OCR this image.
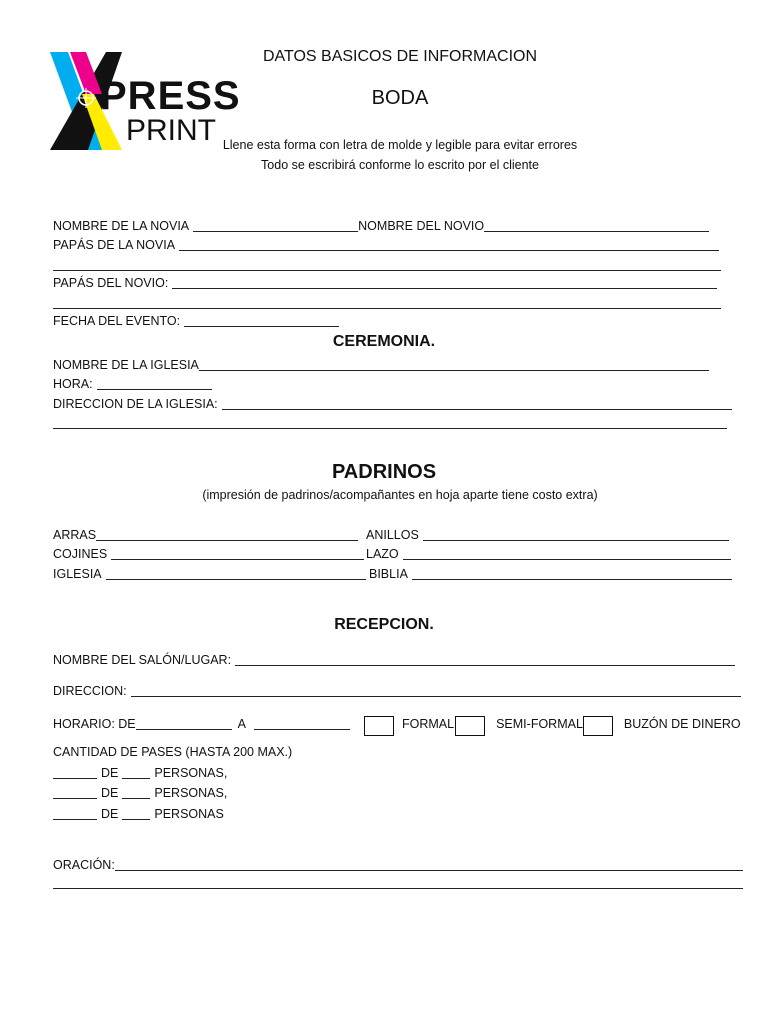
PRESS
PRINT
DATOS BASICOS DE INFORMACION
BODA
Llene esta forma con letra de molde y legible para evitar errores
Todo se escribirá conforme lo escrito por el cliente
NOMBRE DE LA NOVIA	NOMBRE DEL NOVIO
PAPÁS DE LA NOVIA
PAPÁS DEL NOVIO:
FECHA DEL EVENTO:
CEREMONIA.
NOMBRE DE LA IGLESIA
HORA:
DIRECCION DE LA IGLESIA:
PADRINOS
(impresión de padrinos/acompañantes en hoja aparte tiene costo extra)
ARRAS	ANILLOS
COJINES	LAZO
IGLESIA	BIBLIA
RECEPCION.
NOMBRE DEL SALÓN/LUGAR:
DIRECCION:
HORARIO: DE	A	FORMAL	SEMI-FORMAL	BUZÓN DE DINERO
CANTIDAD DE PASES (HASTA 200 MAX.)
DE	PERSONAS,
DE	PERSONAS,
DE	PERSONAS
ORACIÓN:
